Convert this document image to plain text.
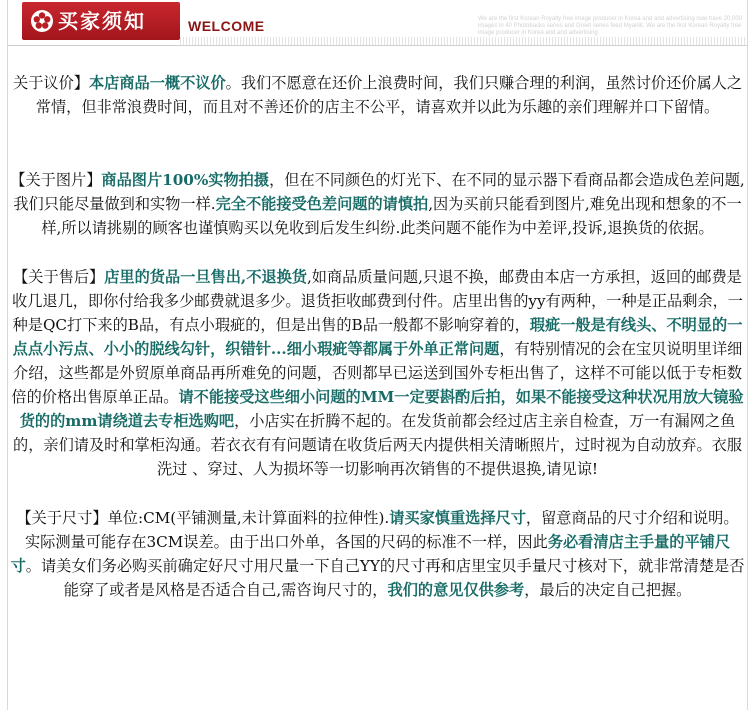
买家须知	WELCOME	We are the first Korean Royalty free image producer in Korea and and advertising now have 20,000 images in 40 Photobacks series and Greet series feed Myanlit. We are the first Korean Royalty free image producer in Korea and and advertising

关于议价】本店商品一概不议价。我们不愿意在还价上浪费时间，我们只赚合理的利润，虽然讨价还价属人之常情，但非常浪费时间，而且对不善还价的店主不公平，请喜欢并以此为乐趣的亲们理解并口下留情。

【关于图片】商品图片100%实物拍摄，但在不同颜色的灯光下、在不同的显示器下看商品都会造成色差问题,我们只能尽量做到和实物一样.完全不能接受色差问题的请慎拍,因为买前只能看到图片,难免出现和想象的不一样,所以请挑剔的顾客也谨慎购买以免收到后发生纠纷.此类问题不能作为中差评,投诉,退换货的依据。

【关于售后】店里的货品一旦售出,不退换货,如商品质量问题,只退不换，邮费由本店一方承担，返回的邮费是收几退几，即你付给我多少邮费就退多少。退货拒收邮费到付件。店里出售的yy有两种，一种是正品剩余，一种是QC打下来的B品，有点小瑕疵的，但是出售的B品一般都不影响穿着的，瑕疵一般是有线头、不明显的一点点小污点、小小的脱线勾针，织错针...细小瑕疵等都属于外单正常问题，有特别情况的会在宝贝说明里详细介绍，这些都是外贸原单商品再所难免的问题，否则都早已运送到国外专柜出售了，这样不可能以低于专柜数倍的价格出售原单正品。请不能接受这些细小问题的MM一定要斟酌后拍，如果不能接受这种状况用放大镜验货的的mm请绕道去专柜选购吧，小店实在折腾不起的。在发货前都会经过店主亲自检查，万一有漏网之鱼的，亲们请及时和掌柜沟通。若衣衣有有问题请在收货后两天内提供相关清晰照片，过时视为自动放弃。衣服洗过 、穿过、人为损坏等一切影响再次销售的不提供退换,请见谅!

【关于尺寸】单位:CM(平铺测量,未计算面料的拉伸性).请买家慎重选择尺寸，留意商品的尺寸介绍和说明。实际测量可能存在3CM误差。由于出口外单，各国的尺码的标准不一样，因此务必看清店主手量的平铺尺寸。请美女们务必购买前确定好尺寸用尺量一下自己YY的尺寸再和店里宝贝手量尺寸核对下，就非常清楚是否能穿了或者是风格是否适合自己,需咨询尺寸的，我们的意见仅供参考，最后的决定自己把握。
